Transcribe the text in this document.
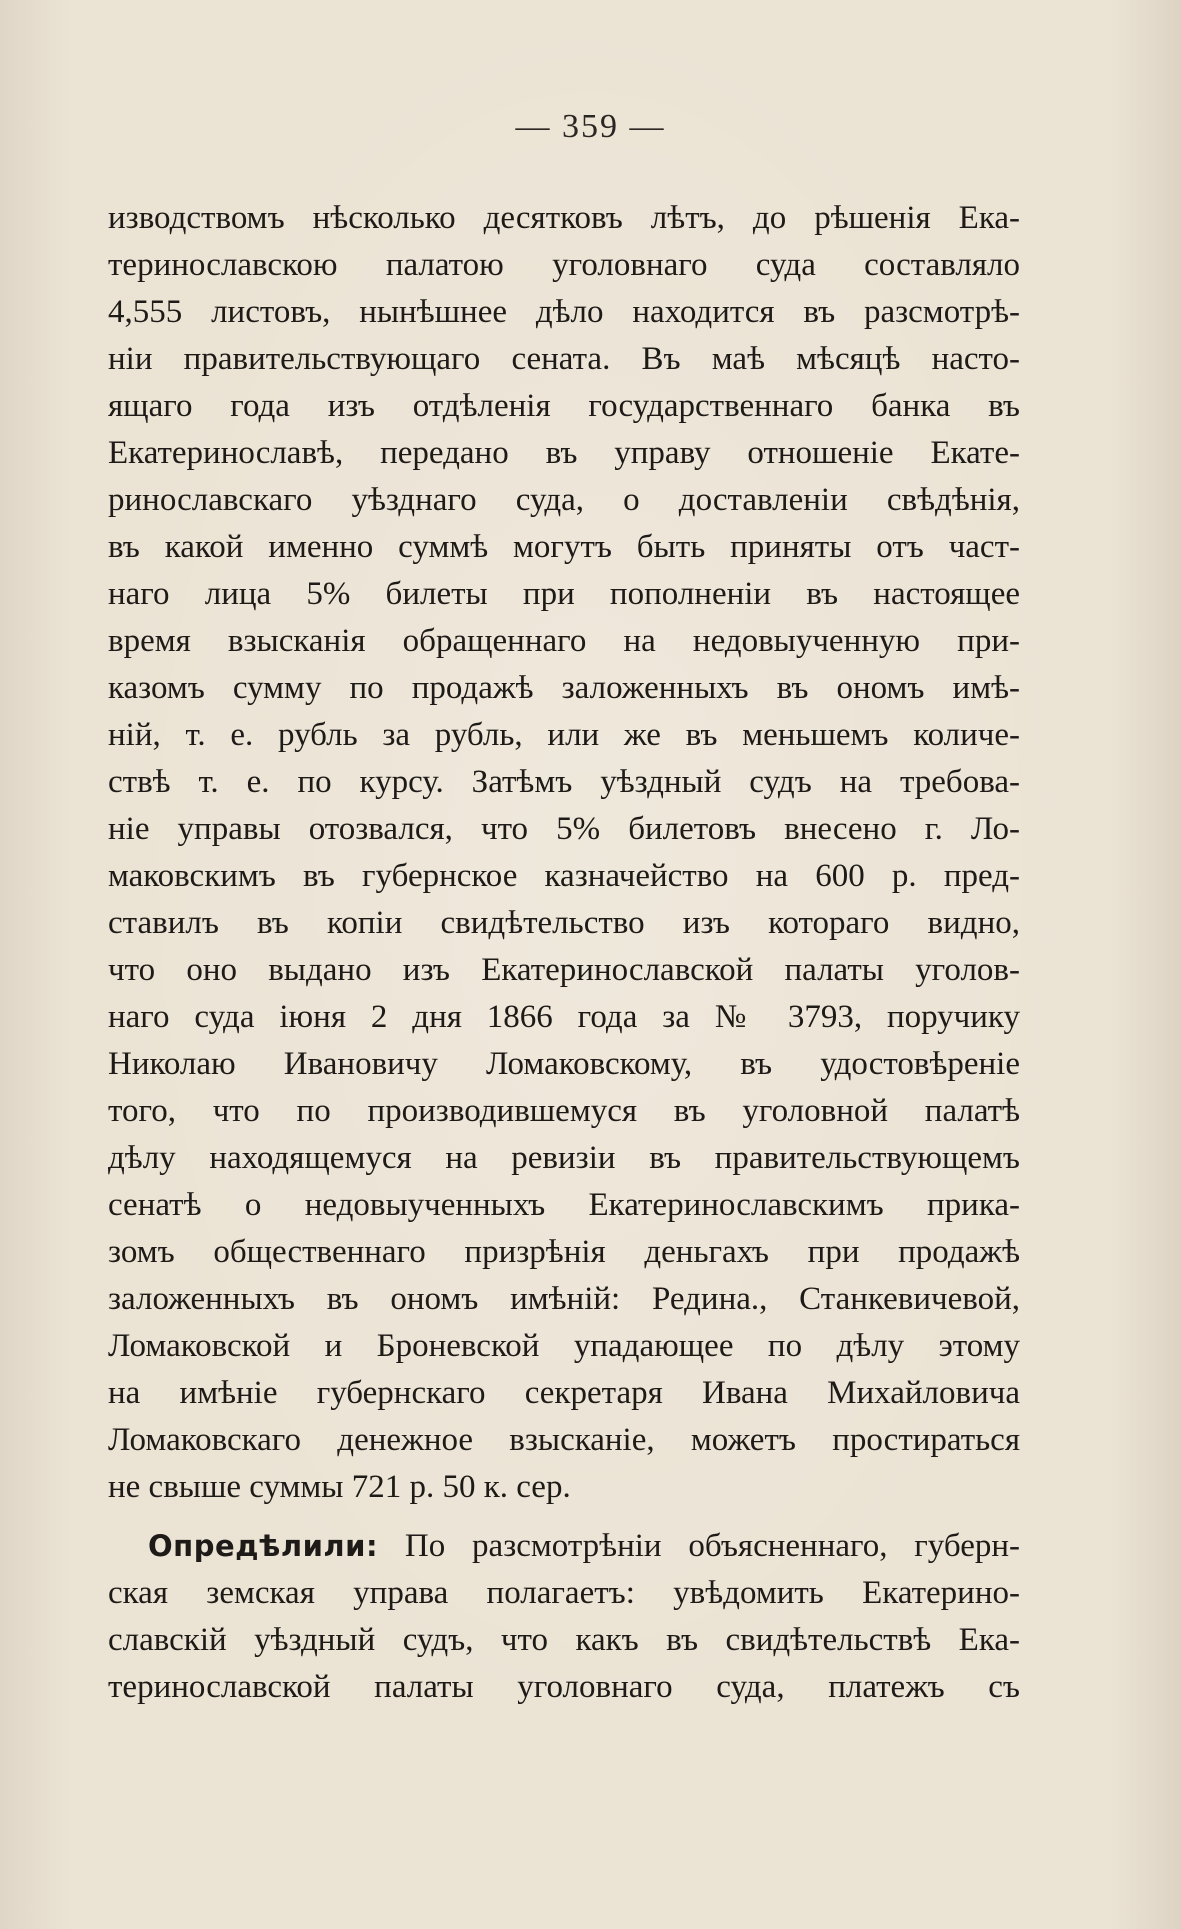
— 359 —
изводствомъ нѣсколько десятковъ лѣтъ, до рѣшенія Ека-
теринославскою палатою уголовнаго суда составляло
4,555 листовъ, нынѣшнее дѣло находится въ разсмотрѣ-
ніи правительствующаго сената. Въ маѣ мѣсяцѣ насто-
ящаго года изъ отдѣленія государственнаго банка въ
Екатеринославѣ, передано въ управу отношеніе Екате-
ринославскаго уѣзднаго суда, о доставленіи свѣдѣнія,
въ какой именно суммѣ могутъ быть приняты отъ част-
наго лица 5% билеты при пополненіи въ настоящее
время взысканія обращеннаго на недовыученную при-
казомъ сумму по продажѣ заложенныхъ въ ономъ имѣ-
ній, т. е. рубль за рубль, или же въ меньшемъ количе-
ствѣ т. е. по курсу. Затѣмъ уѣздный судъ на требова-
ніе управы отозвался, что 5% билетовъ внесено г. Ло-
маковскимъ въ губернское казначейство на 600 р. пред-
ставилъ въ копіи свидѣтельство изъ котораго видно,
что оно выдано изъ Екатеринославской палаты уголов-
наго суда іюня 2 дня 1866 года за № 3793, поручику
Николаю Ивановичу Ломаковскому, въ удостовѣреніе
того, что по производившемуся въ уголовной палатѣ
дѣлу находящемуся на ревизіи въ правительствующемъ
сенатѣ о недовыученныхъ Екатеринославскимъ прика-
зомъ общественнаго призрѣнія деньгахъ при продажѣ
заложенныхъ въ ономъ имѣній: Редина., Станкевичевой,
Ломаковской и Броневской упадающее по дѣлу этому
на имѣніе губернскаго секретаря Ивана Михайловича
Ломаковскаго денежное взысканіе, можетъ простираться
не свыше суммы 721 р. 50 к. сер.
Опредѣлили: По разсмотрѣніи объясненнаго, губерн-
ская земская управа полагаетъ: увѣдомить Екатерино-
славскій уѣздный судъ, что какъ въ свидѣтельствѣ Ека-
теринославской палаты уголовнаго суда, платежъ съ
